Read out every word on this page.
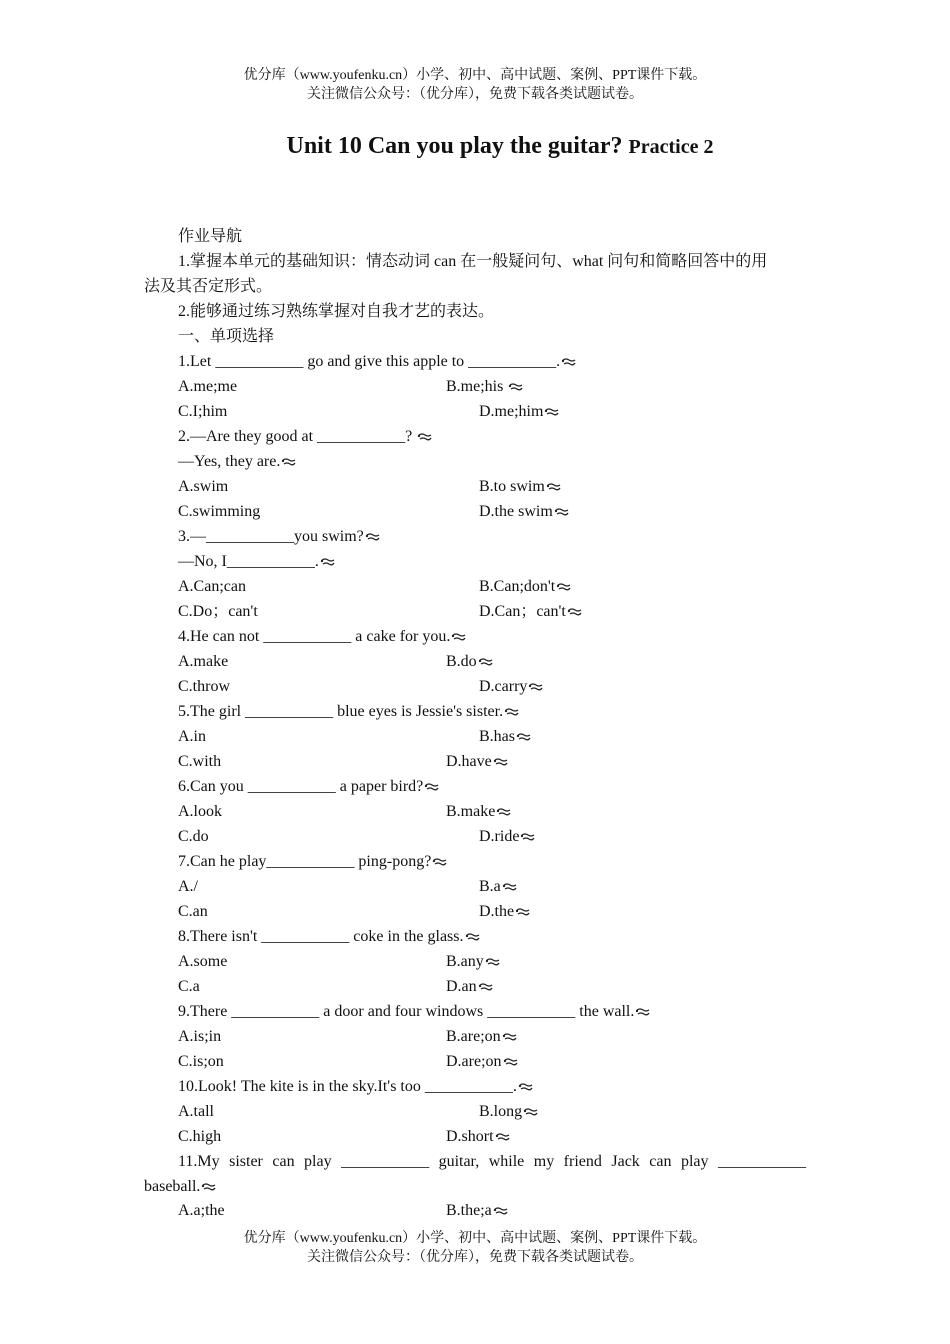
优分库（www.youfenku.cn）小学、初中、高中试题、案例、PPT课件下载。
关注微信公众号：（优分库），免费下载各类试题试卷。
Unit 10 Can you play the guitar? Practice 2
作业导航
1.掌握本单元的基础知识：情态动词 can 在一般疑问句、what 问句和简略回答中的用
法及其否定形式。
2.能够通过练习熟练掌握对自我才艺的表达。
一、单项选择
1.Let ___________ go and give this apple to ___________.
A.me;me	B.me;his
C.I;him	D.me;him
2.—Are they good at ___________?
—Yes, they are.
A.swim	B.to swim
C.swimming	D.the swim
3.—___________you swim?
—No, I___________.
A.Can;can	B.Can;don't
C.Do；can't	D.Can；can't
4.He can not ___________ a cake for you.
A.make	B.do
C.throw	D.carry
5.The girl ___________ blue eyes is Jessie's sister.
A.in	B.has
C.with	D.have
6.Can you ___________ a paper bird?
A.look	B.make
C.do	D.ride
7.Can he play___________ ping-pong?
A./	B.a
C.an	D.the
8.There isn't ___________ coke in the glass.
A.some	B.any
C.a	D.an
9.There ___________ a door and four windows ___________ the wall.
A.is;in	B.are;on
C.is;on	D.are;on
10.Look! The kite is in the sky.It's too ___________.
A.tall	B.long
C.high	D.short
11.My sister can play ___________ guitar, while my friend Jack can play ___________
baseball.
A.a;the	B.the;a
优分库（www.youfenku.cn）小学、初中、高中试题、案例、PPT课件下载。
关注微信公众号：（优分库），免费下载各类试题试卷。
